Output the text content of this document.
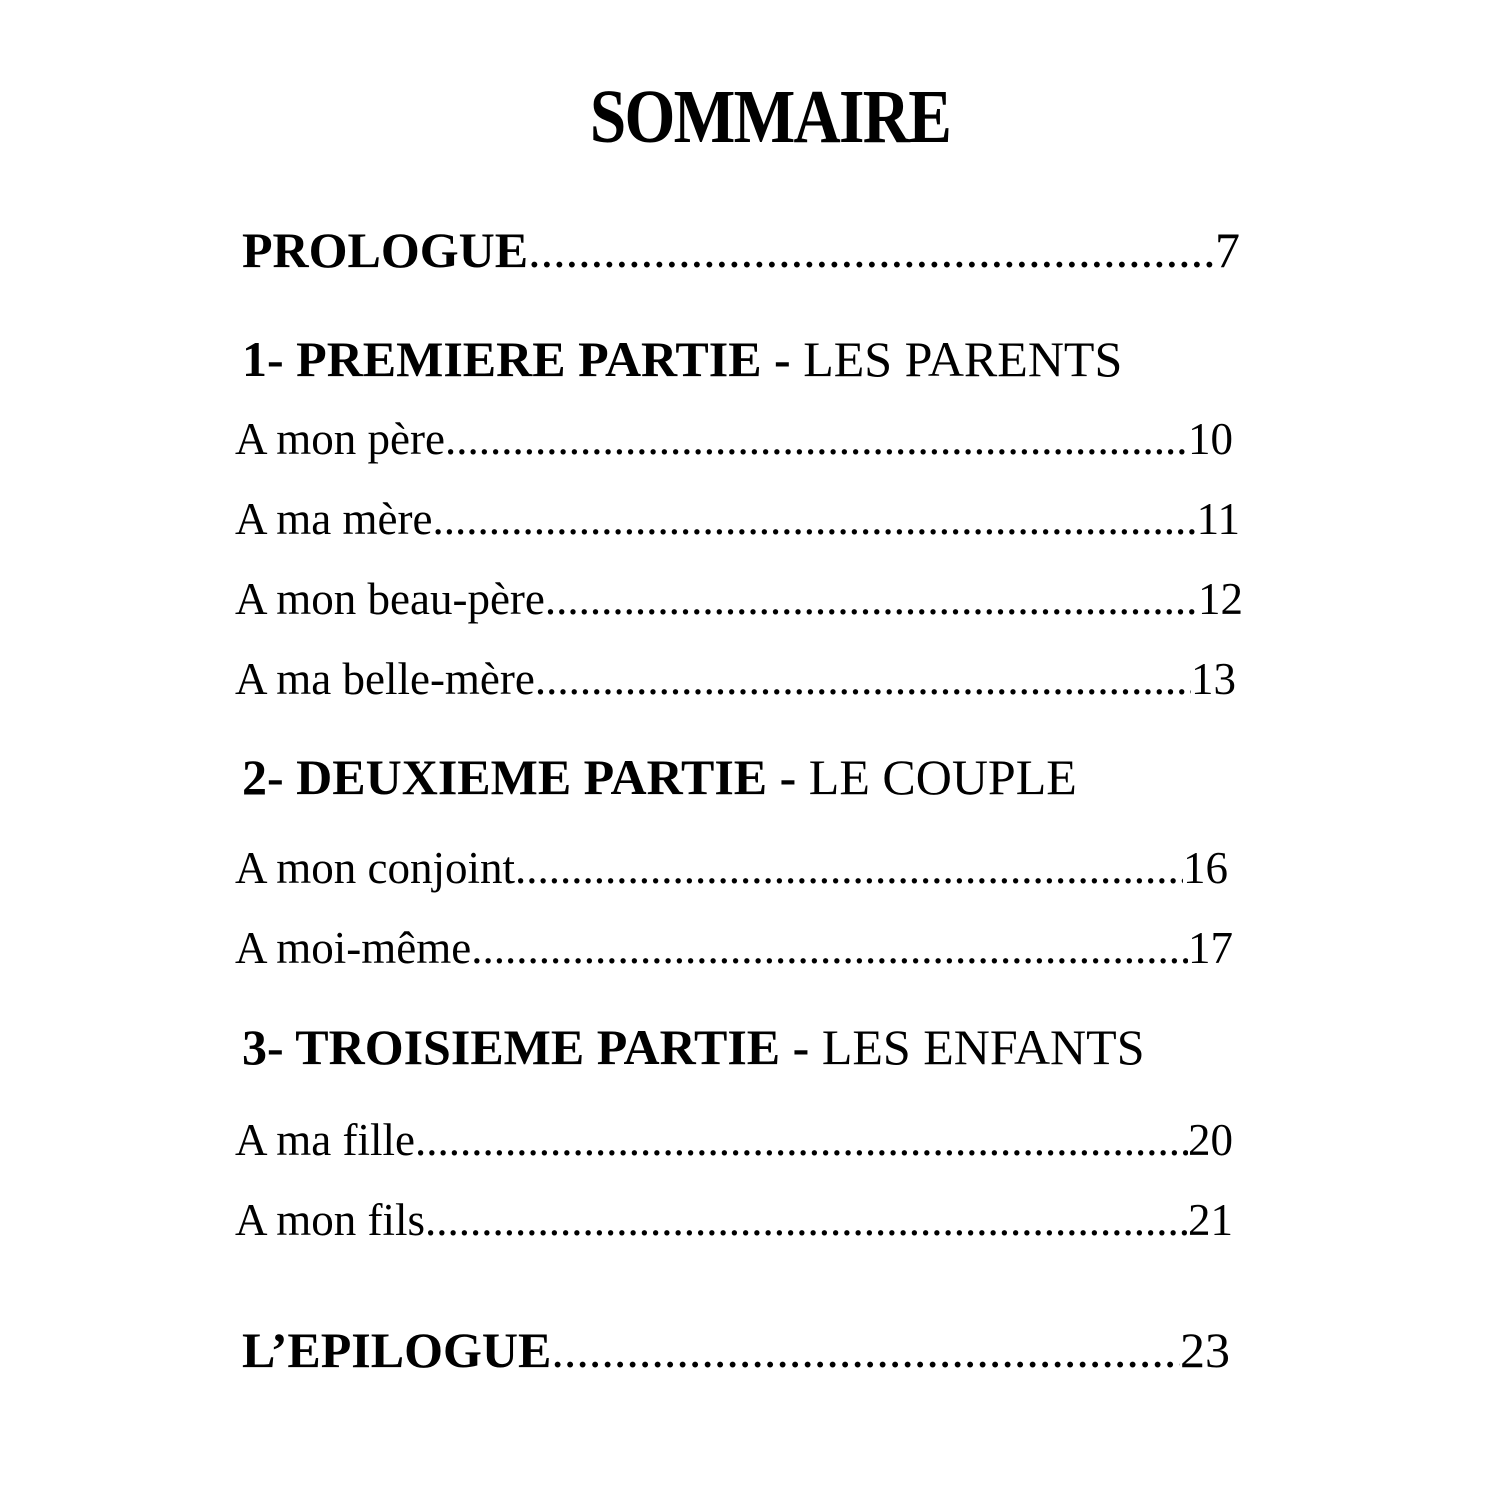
SOMMAIRE
PROLOGUE .....	7
1- PREMIERE PARTIE - LES PARENTS
A mon père .....	10
A ma mère .....	11
A mon beau-père .....	12
A ma belle-mère .....	13
2- DEUXIEME PARTIE - LE COUPLE
A mon conjoint .....	16
A moi-même .....	17
3- TROISIEME PARTIE - LES ENFANTS
A ma fille .....	20
A mon fils .....	21
L’EPILOGUE .....	23
